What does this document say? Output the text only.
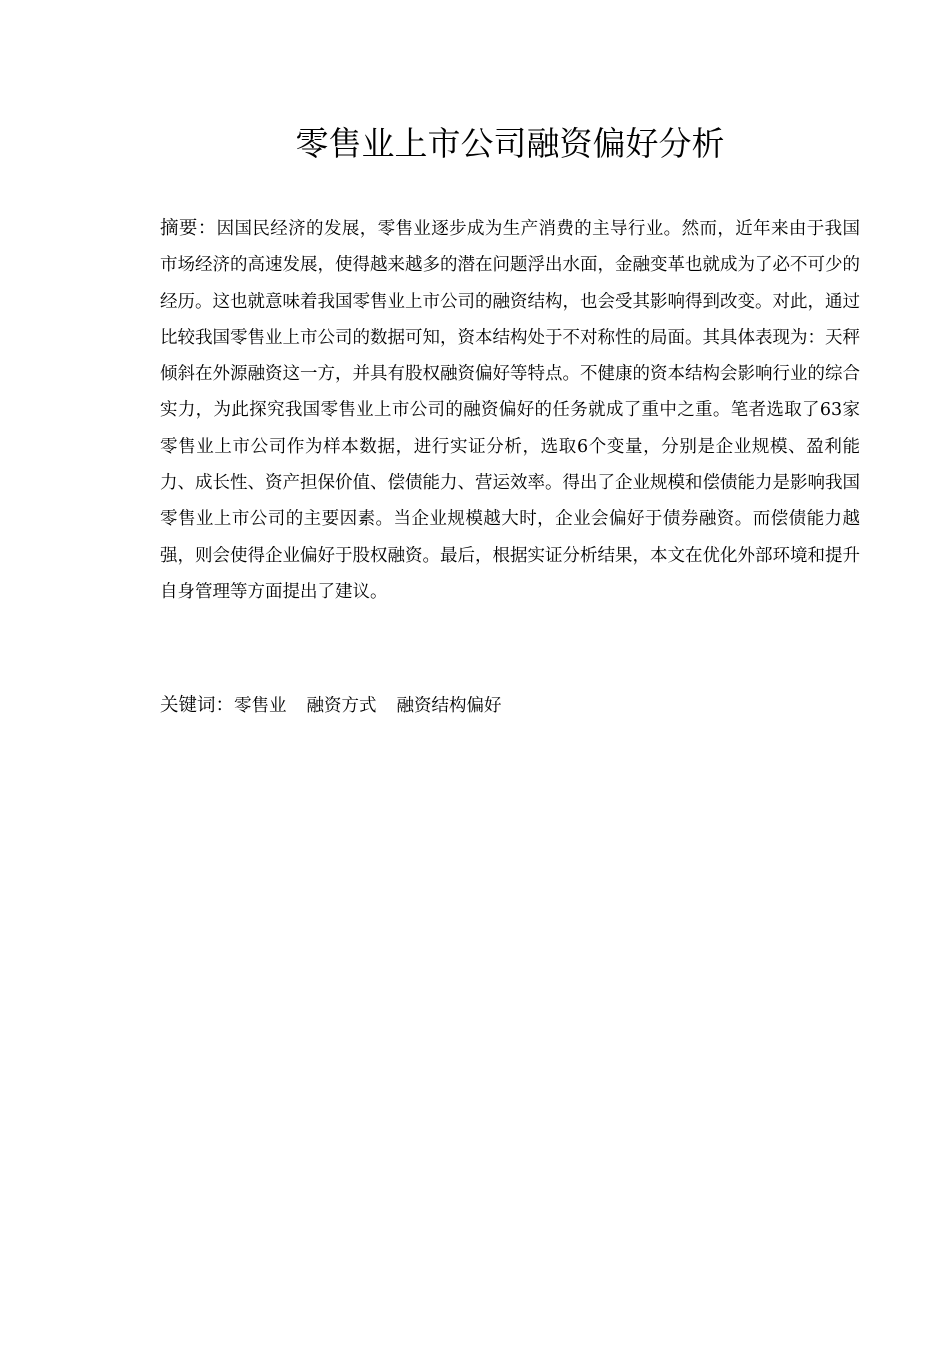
零售业上市公司融资偏好分析

摘要：因国民经济的发展，零售业逐步成为生产消费的主导行业。然而，近年来由于我国市场经济的高速发展，使得越来越多的潜在问题浮出水面，金融变革也就成为了必不可少的经历。这也就意味着我国零售业上市公司的融资结构，也会受其影响得到改变。对此，通过比较我国零售业上市公司的数据可知，资本结构处于不对称性的局面。其具体表现为：天秤倾斜在外源融资这一方，并具有股权融资偏好等特点。不健康的资本结构会影响行业的综合实力，为此探究我国零售业上市公司的融资偏好的任务就成了重中之重。笔者选取了63家零售业上市公司作为样本数据，进行实证分析，选取6个变量，分别是企业规模、盈利能力、成长性、资产担保价值、偿债能力、营运效率。得出了企业规模和偿债能力是影响我国零售业上市公司的主要因素。当企业规模越大时，企业会偏好于债券融资。而偿债能力越强，则会使得企业偏好于股权融资。最后，根据实证分析结果，本文在优化外部环境和提升自身管理等方面提出了建议。

关键词：零售业 融资方式 融资结构偏好
